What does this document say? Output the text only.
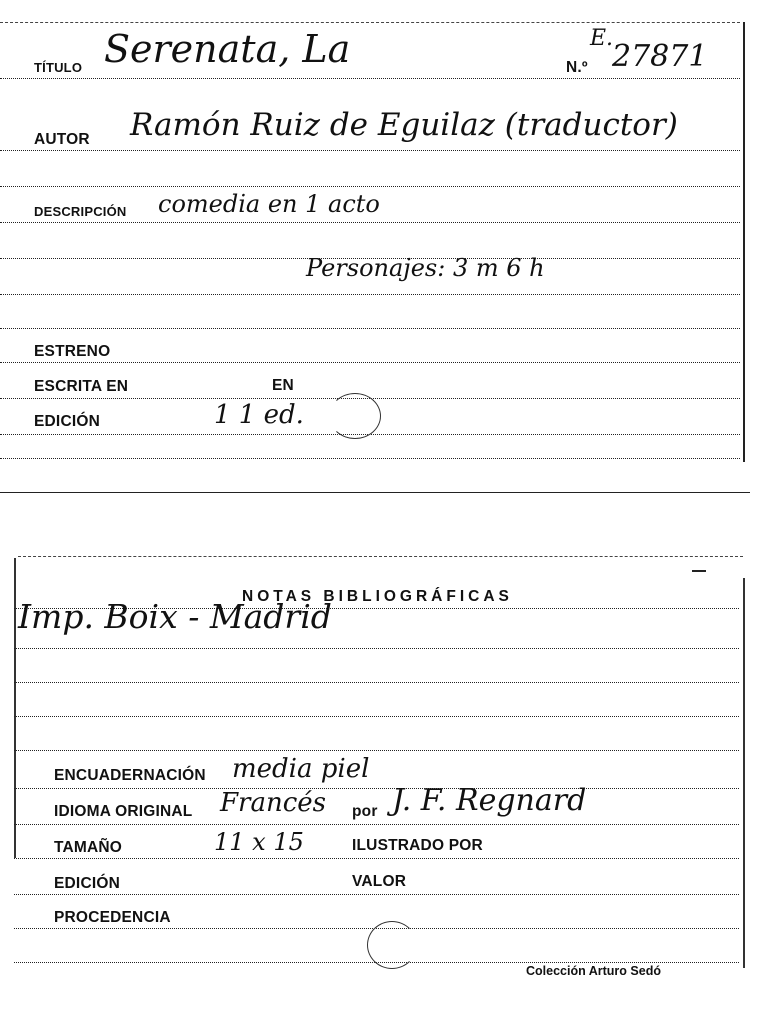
TÍTULO Serenata, La	N.º
E.
27871
AUTOR Ramón Ruiz de Eguilaz (traductor)
DESCRIPCIÓN comedia en 1 acto
Personajes: 3 m 6 h
ESTRENO
ESCRITA EN	EN
EDICIÓN	1 1 ed.
NOTAS BIBLIOGRÁFICAS
Imp. Boix - Madrid
ENCUADERNACIÓN media piel
IDIOMA ORIGINAL Francés por J. F. Regnard
TAMAÑO	11 x 15	ILUSTRADO POR
EDICIÓN	VALOR
PROCEDENCIA
Colección Arturo Sedó
